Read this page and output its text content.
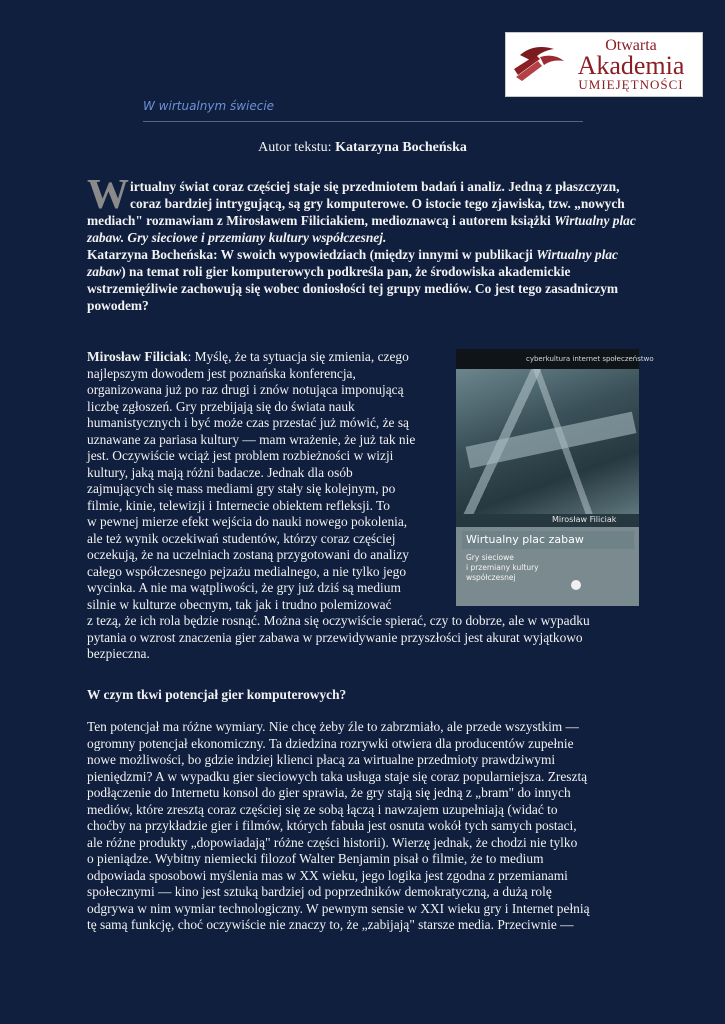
Otwarta
Akademia
UMIEJĘTNOŚCI
W wirtualnym świecie
Autor tekstu: Katarzyna Bocheńska
Wirtualny świat coraz częściej staje się przedmiotem badań i analiz. Jedną z płaszczyzn, coraz bardziej intrygującą, są gry komputerowe. O istocie tego zjawiska, tzw. „nowych mediach" rozmawiam z Mirosławem Filiciakiem, medioznawcą i autorem książki Wirtualny plac zabaw. Gry sieciowe i przemiany kultury współczesnej.
Katarzyna Bocheńska: W swoich wypowiedziach (między innymi w publikacji Wirtualny plac zabaw) na temat roli gier komputerowych podkreśla pan, że środowiska akademickie wstrzemięźliwie zachowują się wobec doniosłości tej grupy mediów. Co jest tego zasadniczym powodem?
cyberkultura internet społeczeństwo
Mirosław Filiciak
Wirtualny plac zabaw
Gry sieciowe
i przemiany kultury współczesnej
Mirosław Filiciak: Myślę, że ta sytuacja się zmienia, czego
najlepszym dowodem jest poznańska konferencja,
organizowana już po raz drugi i znów notująca imponującą
liczbę zgłoszeń. Gry przebijają się do świata nauk
humanistycznych i być może czas przestać już mówić, że są
uznawane za pariasa kultury — mam wrażenie, że już tak nie
jest. Oczywiście wciąż jest problem rozbieżności w wizji
kultury, jaką mają różni badacze. Jednak dla osób
zajmujących się mass mediami gry stały się kolejnym, po
filmie, kinie, telewizji i Internecie obiektem refleksji. To
w pewnej mierze efekt wejścia do nauki nowego pokolenia,
ale też wynik oczekiwań studentów, którzy coraz częściej
oczekują, że na uczelniach zostaną przygotowani do analizy
całego współczesnego pejzażu medialnego, a nie tylko jego
wycinka. A nie ma wątpliwości, że gry już dziś są medium
silnie w kulturze obecnym, tak jak i trudno polemizować
z tezą, że ich rola będzie rosnąć. Można się oczywiście spierać, czy to dobrze, ale w wypadku
pytania o wzrost znaczenia gier zabawa w przewidywanie przyszłości jest akurat wyjątkowo
bezpieczna.
W czym tkwi potencjał gier komputerowych?
Ten potencjał ma różne wymiary. Nie chcę żeby źle to zabrzmiało, ale przede wszystkim —
ogromny potencjał ekonomiczny. Ta dziedzina rozrywki otwiera dla producentów zupełnie
nowe możliwości, bo gdzie indziej klienci płacą za wirtualne przedmioty prawdziwymi
pieniędzmi? A w wypadku gier sieciowych taka usługa staje się coraz popularniejsza. Zresztą
podłączenie do Internetu konsol do gier sprawia, że gry stają się jedną z „bram" do innych
mediów, które zresztą coraz częściej się ze sobą łączą i nawzajem uzupełniają (widać to
choćby na przykładzie gier i filmów, których fabuła jest osnuta wokół tych samych postaci,
ale różne produkty „dopowiadają" różne części historii). Wierzę jednak, że chodzi nie tylko
o pieniądze. Wybitny niemiecki filozof Walter Benjamin pisał o filmie, że to medium
odpowiada sposobowi myślenia mas w XX wieku, jego logika jest zgodna z przemianami
społecznymi — kino jest sztuką bardziej od poprzedników demokratyczną, a dużą rolę
odgrywa w nim wymiar technologiczny. W pewnym sensie w XXI wieku gry i Internet pełnią
tę samą funkcję, choć oczywiście nie znaczy to, że „zabijają" starsze media. Przeciwnie —
